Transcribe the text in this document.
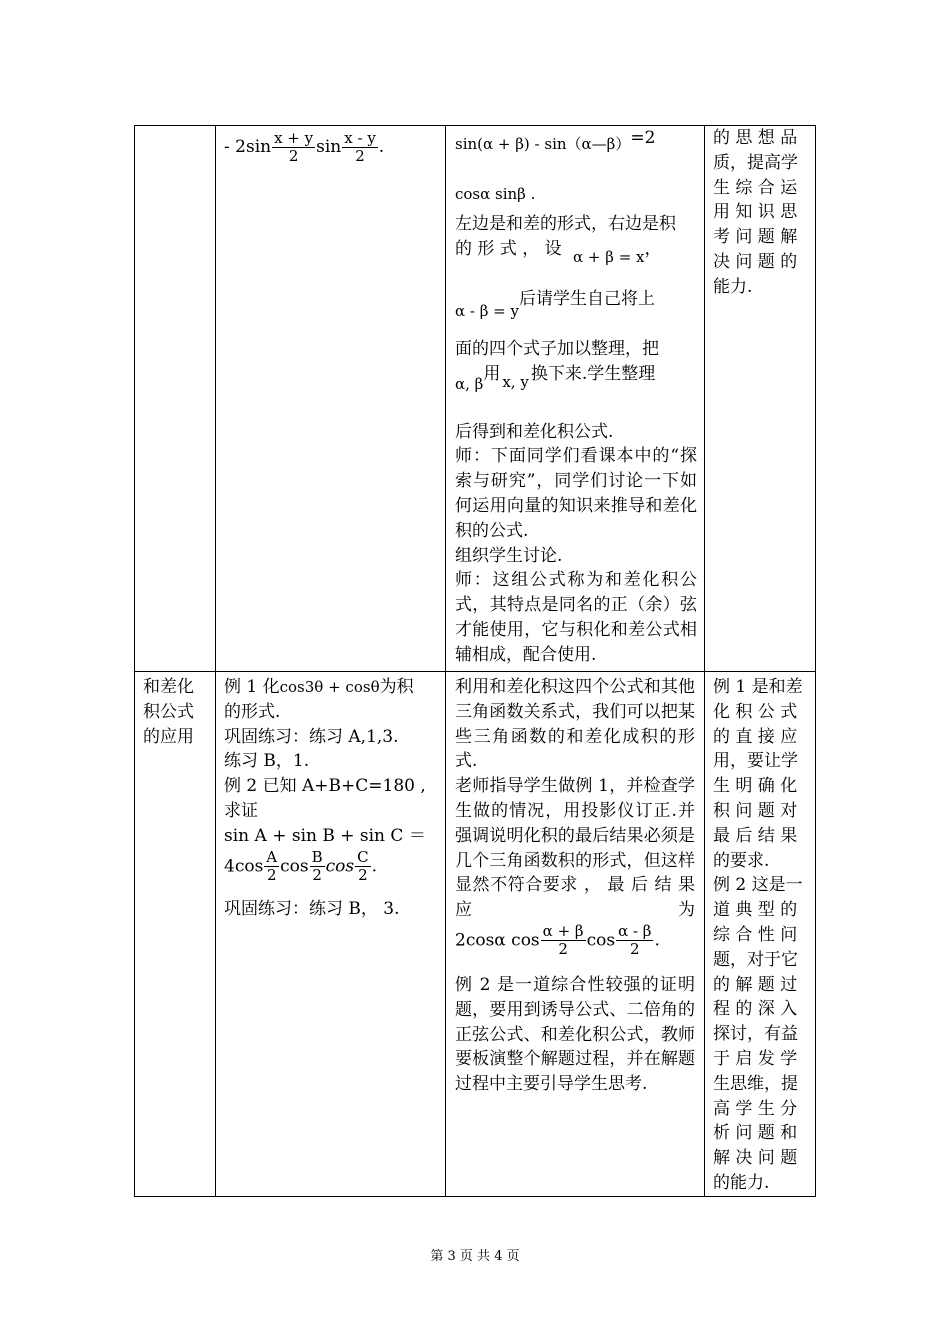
- $2\sin \frac{x + y}{2}$ $\sin \frac{x - y}{2}$ .	sin(α + β) - sin（α—β）=2

cosα sinβ .

左边是和差的形式，右边是积

的 形 式 ， 设 α + β = x，

α - β = y后请学生自己将上

面的四个式子加以整理，把

α, β用 x, y 换下来.学生整理

后得到和差化积公式.

师：下面同学们看课本中的“探索与研究”，同学们讨论一下如何运用向量的知识来推导和差化积的公式.

组织学生讨论.

师：这组公式称为和差化积公式，其特点是同名的正（余）弦才能使用，它与积化和差公式相辅相成，配合使用.

的 思 想 品

质，提高学

生 综 合 运

用 知 识 思

考 问 题 解

决 问 题 的

能力.

和差化

积公式

的应用

例 1 化cos3θ + cosθ为积

的形式.

巩固练习：练习 A,1,3.

练习 B，1.

例 2 已知 A+B+C=180 ,

求证

sin A + sin B + sin C ＝

$4\cos \frac{A}{2}$ $\cos \frac{B}{2}$ $\cos \frac{C}{2}$ .

巩固练习：练习 B， 3.

利用和差化积这四个公式和其他三角函数关系式，我们可以把某些三角函数的和差化成积的形式.

老师指导学生做例 1，并检查学生做的情况，用投影仪订正.并强调说明化积的最后结果必须是几个三角函数积的形式，但这样显然不符合要求 ， 最 后 结 果 应 为

2cosα $\cos \frac{\alpha + \beta}{2}$ $\cos \frac{\alpha - \beta}{2}$ .

例 2 是一道综合性较强的证明题，要用到诱导公式、二倍角的正弦公式、和差化积公式，教师要板演整个解题过程，并在解题过程中主要引导学生思考.

例 1 是和差

化 积 公 式

的 直 接 应

用，要让学

生 明 确 化

积 问 题 对

最 后 结 果

的要求.

例 2 这是一

道 典 型 的

综 合 性 问

题，对于它

的 解 题 过

程 的 深 入

探讨，有益

于 启 发 学

生思维，提

高 学 生 分

析 问 题 和

解 决 问 题

的能力.

第 3 页 共 4 页
